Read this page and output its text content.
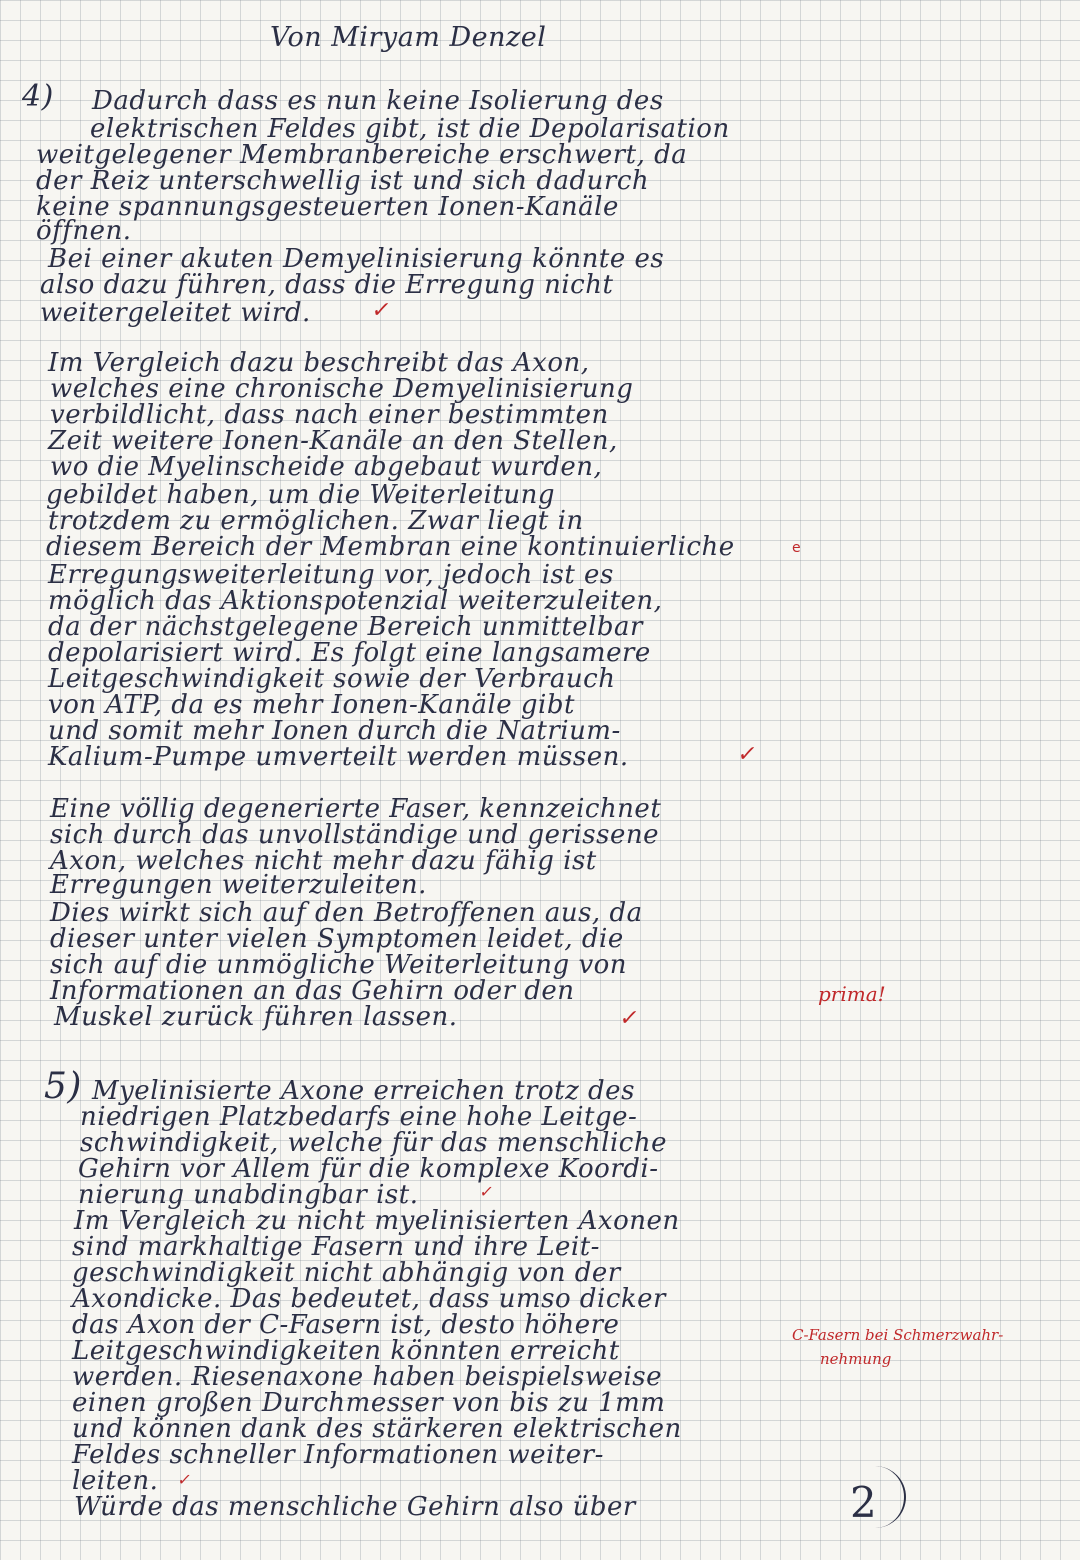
Von Miryam Denzel
4) Dadurch dass es nun keine Isolierung des
elektrischen Feldes gibt, ist die Depolarisation
weitgelegener Membranbereiche erschwert, da
der Reiz unterschwellig ist und sich dadurch
keine spannungsgesteuerten Ionen-Kanäle
öffnen.
Bei einer akuten Demyelinisierung könnte es
also dazu führen, dass die Erregung nicht
weitergeleitet wird.	✓
Im Vergleich dazu beschreibt das Axon,
welches eine chronische Demyelinisierung
verbildlicht, dass nach einer bestimmten
Zeit weitere Ionen-Kanäle an den Stellen,
wo die Myelinscheide abgebaut wurden,
gebildet haben, um die Weiterleitung
trotzdem zu ermöglichen. Zwar liegt in
diesem Bereich der Membran eine kontinuierliche	e
Erregungsweiterleitung vor, jedoch ist es
möglich das Aktionspotenzial weiterzuleiten,
da der nächstgelegene Bereich unmittelbar
depolarisiert wird. Es folgt eine langsamere
Leitgeschwindigkeit sowie der Verbrauch
von ATP, da es mehr Ionen-Kanäle gibt
und somit mehr Ionen durch die Natrium-
Kalium-Pumpe umverteilt werden müssen.	✓
Eine völlig degenerierte Faser, kennzeichnet
sich durch das unvollständige und gerissene
Axon, welches nicht mehr dazu fähig ist
Erregungen weiterzuleiten.
Dies wirkt sich auf den Betroffenen aus, da
dieser unter vielen Symptomen leidet, die
sich auf die unmögliche Weiterleitung von
Informationen an das Gehirn oder den
Muskel zurück führen lassen.	✓
prima!
5) Myelinisierte Axone erreichen trotz des
niedrigen Platzbedarfs eine hohe Leitge-
schwindigkeit, welche für das menschliche
Gehirn vor Allem für die komplexe Koordi-
nierung unabdingbar ist.	✓
Im Vergleich zu nicht myelinisierten Axonen
sind markhaltige Fasern und ihre Leit-
geschwindigkeit nicht abhängig von der
Axondicke. Das bedeutet, dass umso dicker
das Axon der C-Fasern ist, desto höhere
Leitgeschwindigkeiten könnten erreicht
werden. Riesenaxone haben beispielsweise
einen großen Durchmesser von bis zu 1mm
und können dank des stärkeren elektrischen
Feldes schneller Informationen weiter-
leiten. ✓
Würde das menschliche Gehirn also über
C-Fasern bei Schmerzwahr-
nehmung
2
